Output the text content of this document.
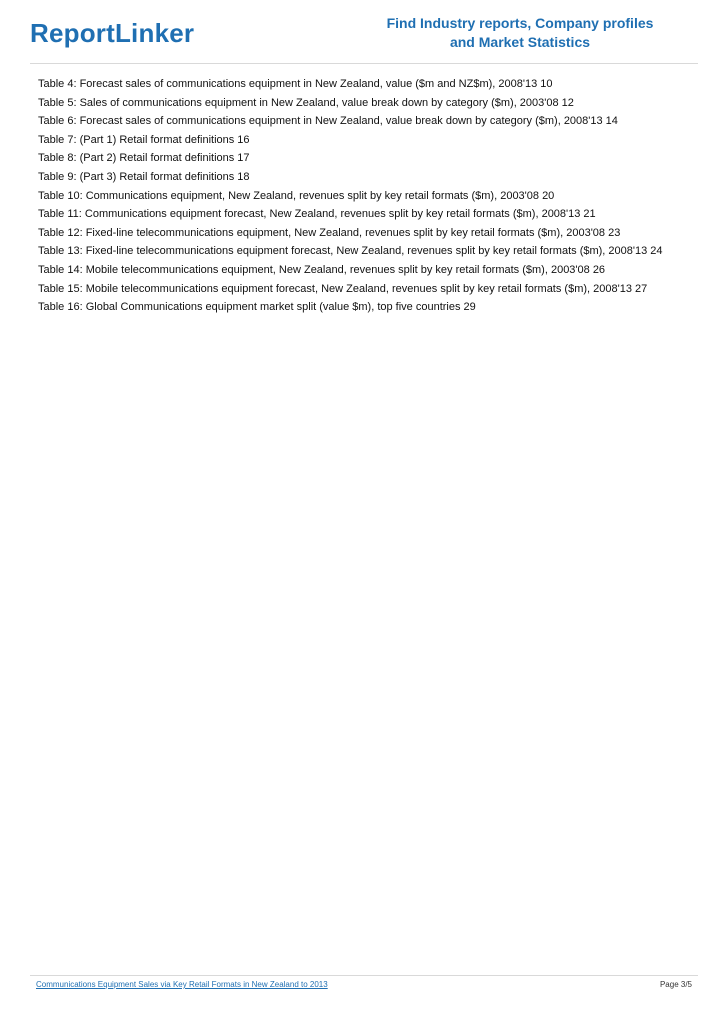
ReportLinker	Find Industry reports, Company profiles
and Market Statistics
Table 4: Forecast sales of communications equipment in New Zealand, value ($m and NZ$m), 2008'13 10
Table 5: Sales of communications equipment in New Zealand, value break down by category ($m), 2003'08 12
Table 6: Forecast sales of communications equipment in New Zealand, value break down by category ($m), 2008'13 14
Table 7: (Part 1) Retail format definitions 16
Table 8: (Part 2) Retail format definitions 17
Table 9: (Part 3) Retail format definitions 18
Table 10: Communications equipment, New Zealand, revenues split by key retail formats ($m), 2003'08 20
Table 11: Communications equipment forecast, New Zealand, revenues split by key retail formats ($m), 2008'13 21
Table 12: Fixed-line telecommunications equipment, New Zealand, revenues split by key retail formats ($m), 2003'08 23
Table 13: Fixed-line telecommunications equipment forecast, New Zealand, revenues split by key retail formats ($m), 2008'13 24
Table 14: Mobile telecommunications equipment, New Zealand, revenues split by key retail formats ($m), 2003'08 26
Table 15: Mobile telecommunications equipment forecast, New Zealand, revenues split by key retail formats ($m), 2008'13 27
Table 16: Global Communications equipment market split (value $m), top five countries 29
Communications Equipment Sales via Key Retail Formats in New Zealand to 2013	Page 3/5
